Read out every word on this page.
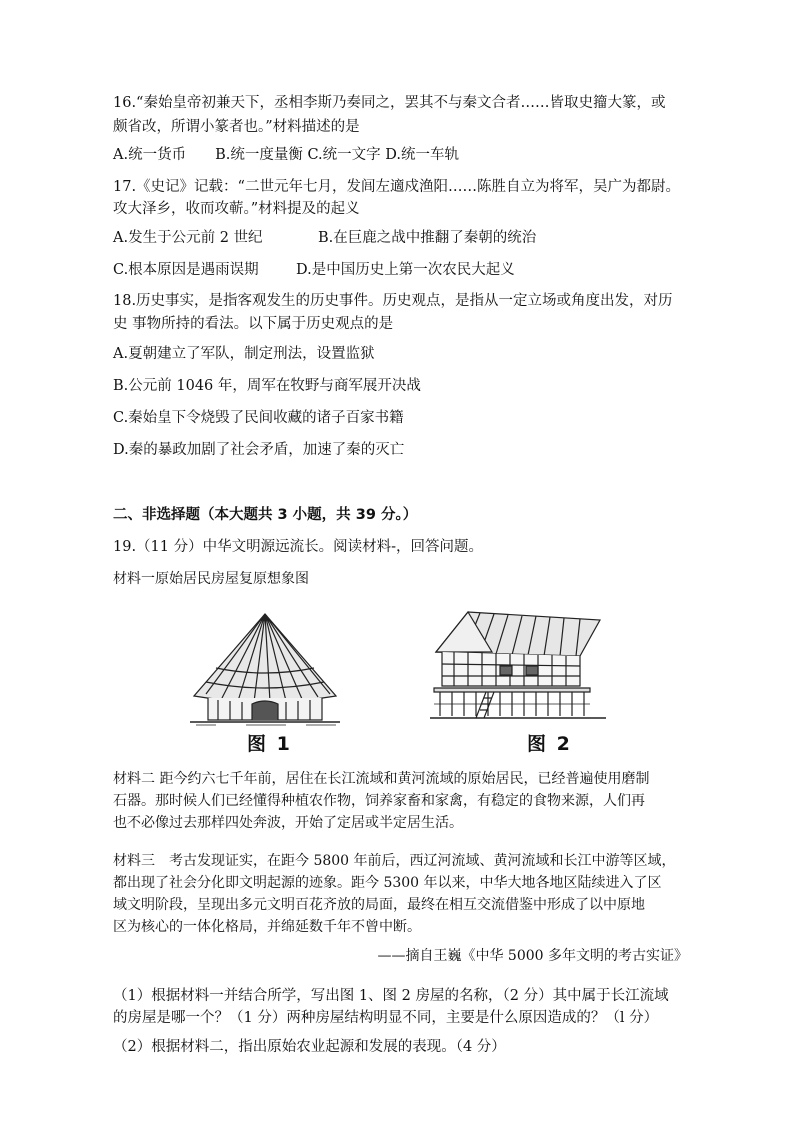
16.“秦始皇帝初兼天下，丞相李斯乃奏同之，罢其不与秦文合者……皆取史籀大篆，或
颇省改，所谓小篆者也。”材料描述的是
A.统一货币　　B.统一度量衡 C.统一文字 D.统一车轨
17.《史记》记载：“二世元年七月，发闾左適戍渔阳……陈胜自立为将军，吴广为都尉。
攻大泽乡，收而攻蕲。”材料提及的起义
A.发生于公元前 2 世纪	B.在巨鹿之战中推翻了秦朝的统治
C.根本原因是遇雨误期	D.是中国历史上第一次农民大起义
18.历史事实，是指客观发生的历史事件。历史观点，是指从一定立场或角度出发，对历
史 事物所持的看法。以下属于历史观点的是
A.夏朝建立了军队，制定刑法，设置监狱
B.公元前 1046 年，周军在牧野与商军展开决战
C.秦始皇下令烧毁了民间收藏的诸子百家书籍
D.秦的暴政加剧了社会矛盾，加速了秦的灭亡
二、非选择题（本大题共 3 小题，共 39 分。）
19.（11 分）中华文明源远流长。阅读材料-，回答问题。
材料一原始居民房屋复原想象图
图 1	图 2
材料二 距今约六七千年前，居住在长江流域和黄河流域的原始居民，已经普遍使用磨制
石器。那时候人们已经懂得种植农作物，饲养家畜和家禽，有稳定的食物来源，人们再
也不必像过去那样四处奔波，开始了定居或半定居生活。
材料三　考古发现证实，在距今 5800 年前后，西辽河流域、黄河流域和长江中游等区域，
都出现了社会分化即文明起源的迹象。距今 5300 年以来，中华大地各地区陆续进入了区
域文明阶段，呈现出多元文明百花齐放的局面，最终在相互交流借鉴中形成了以中原地
区为核心的一体化格局，并绵延数千年不曾中断。
——摘自王巍《中华 5000 多年文明的考古实证》
（1）根据材料一并结合所学，写出图 1、图 2 房屋的名称，（2 分）其中属于长江流域
的房屋是哪一个？（1 分）两种房屋结构明显不同，主要是什么原因造成的？（l 分）
（2）根据材料二，指出原始农业起源和发展的表现。（4 分）
